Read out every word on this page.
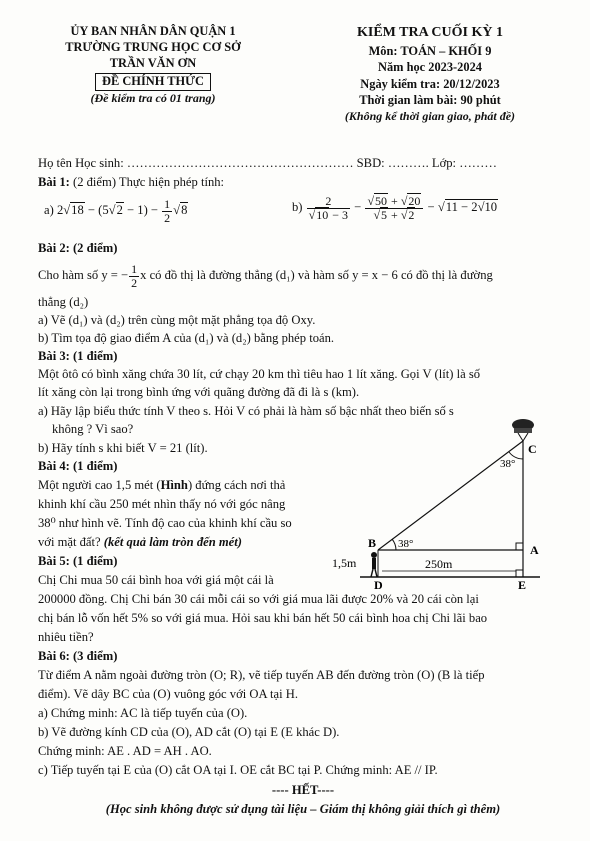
ỦY BAN NHÂN DÂN QUẬN 1
TRƯỜNG TRUNG HỌC CƠ SỞ
TRẦN VĂN ƠN
ĐỀ CHÍNH THỨC
(Đề kiểm tra có 01 trang)
KIỂM TRA CUỐI KỲ 1
Môn: TOÁN – KHỐI 9
Năm học 2023-2024
Ngày kiểm tra: 20/12/2023
Thời gian làm bài: 90 phút
(Không kể thời gian giao, phát đề)
Họ tên Học sinh: ……………………………………………… SBD: ………. Lớp: ………
Bài 1: (2 điểm) Thực hiện phép tính:
a) 2 √ 18 − (5 √ $2 - 1) - \frac{1}{2}$ √ 8	b) 2
√ 10 − 3 − √ 50 + √ 20
√ 5 + √ 2 − √ 11 − 2 √ 10
Bài 2: (2 điểm)
Cho hàm số y = − $\frac{1}{2}$ x có đồ thị là đường thẳng (d₁) và hàm số y = x − 6 có đồ thị là đường
thẳng (d₂)
a) Vẽ (d₁) và (d₂) trên cùng một mặt phẳng tọa độ Oxy.
b) Tìm tọa độ giao điểm A của (d₁) và (d₂) bằng phép toán.
Bài 3: (1 điểm)
Một ôtô có bình xăng chứa 30 lít, cứ chạy 20 km thì tiêu hao 1 lít xăng. Gọi V (lít) là số
lít xăng còn lại trong bình ứng với quãng đường đã đi là s (km).
a) Hãy lập biểu thức tính V theo s. Hỏi V có phải là hàm số bậc nhất theo biến số s
không ? Vì sao?
b) Hãy tính s khi biết V = 21 (lít).
Bài 4: (1 điểm)
Một người cao 1,5 mét (Hình) đứng cách nơi thả
khinh khí cầu 250 mét nhìn thấy nó với góc nâng
38⁰ như hình vẽ. Tính độ cao của khinh khí cầu so
với mặt đất? (kết quả làm tròn đến mét)
38°
C
B 38°	A
1,5m	250m
D	E
Bài 5: (1 điểm)
Chị Chi mua 50 cái bình hoa với giá một cái là
200000 đồng. Chị Chi bán 30 cái mỗi cái so với giá mua lãi được 20% và 20 cái còn lại
chị bán lỗ vốn hết 5% so với giá mua. Hỏi sau khi bán hết 50 cái bình hoa chị Chi lãi bao
nhiêu tiền?
Bài 6: (3 điểm)
Từ điểm A nằm ngoài đường tròn (O; R), vẽ tiếp tuyến AB đến đường tròn (O) (B là tiếp
điểm). Vẽ dây BC của (O) vuông góc với OA tại H.
a) Chứng minh: AC là tiếp tuyến của (O).
b) Vẽ đường kính CD của (O), AD cắt (O) tại E (E khác D).
Chứng minh: AE . AD = AH . AO.
c) Tiếp tuyến tại E của (O) cắt OA tại I. OE cắt BC tại P. Chứng minh: AE // IP.
---- HẾT----
(Học sinh không được sử dụng tài liệu – Giám thị không giải thích gì thêm)
